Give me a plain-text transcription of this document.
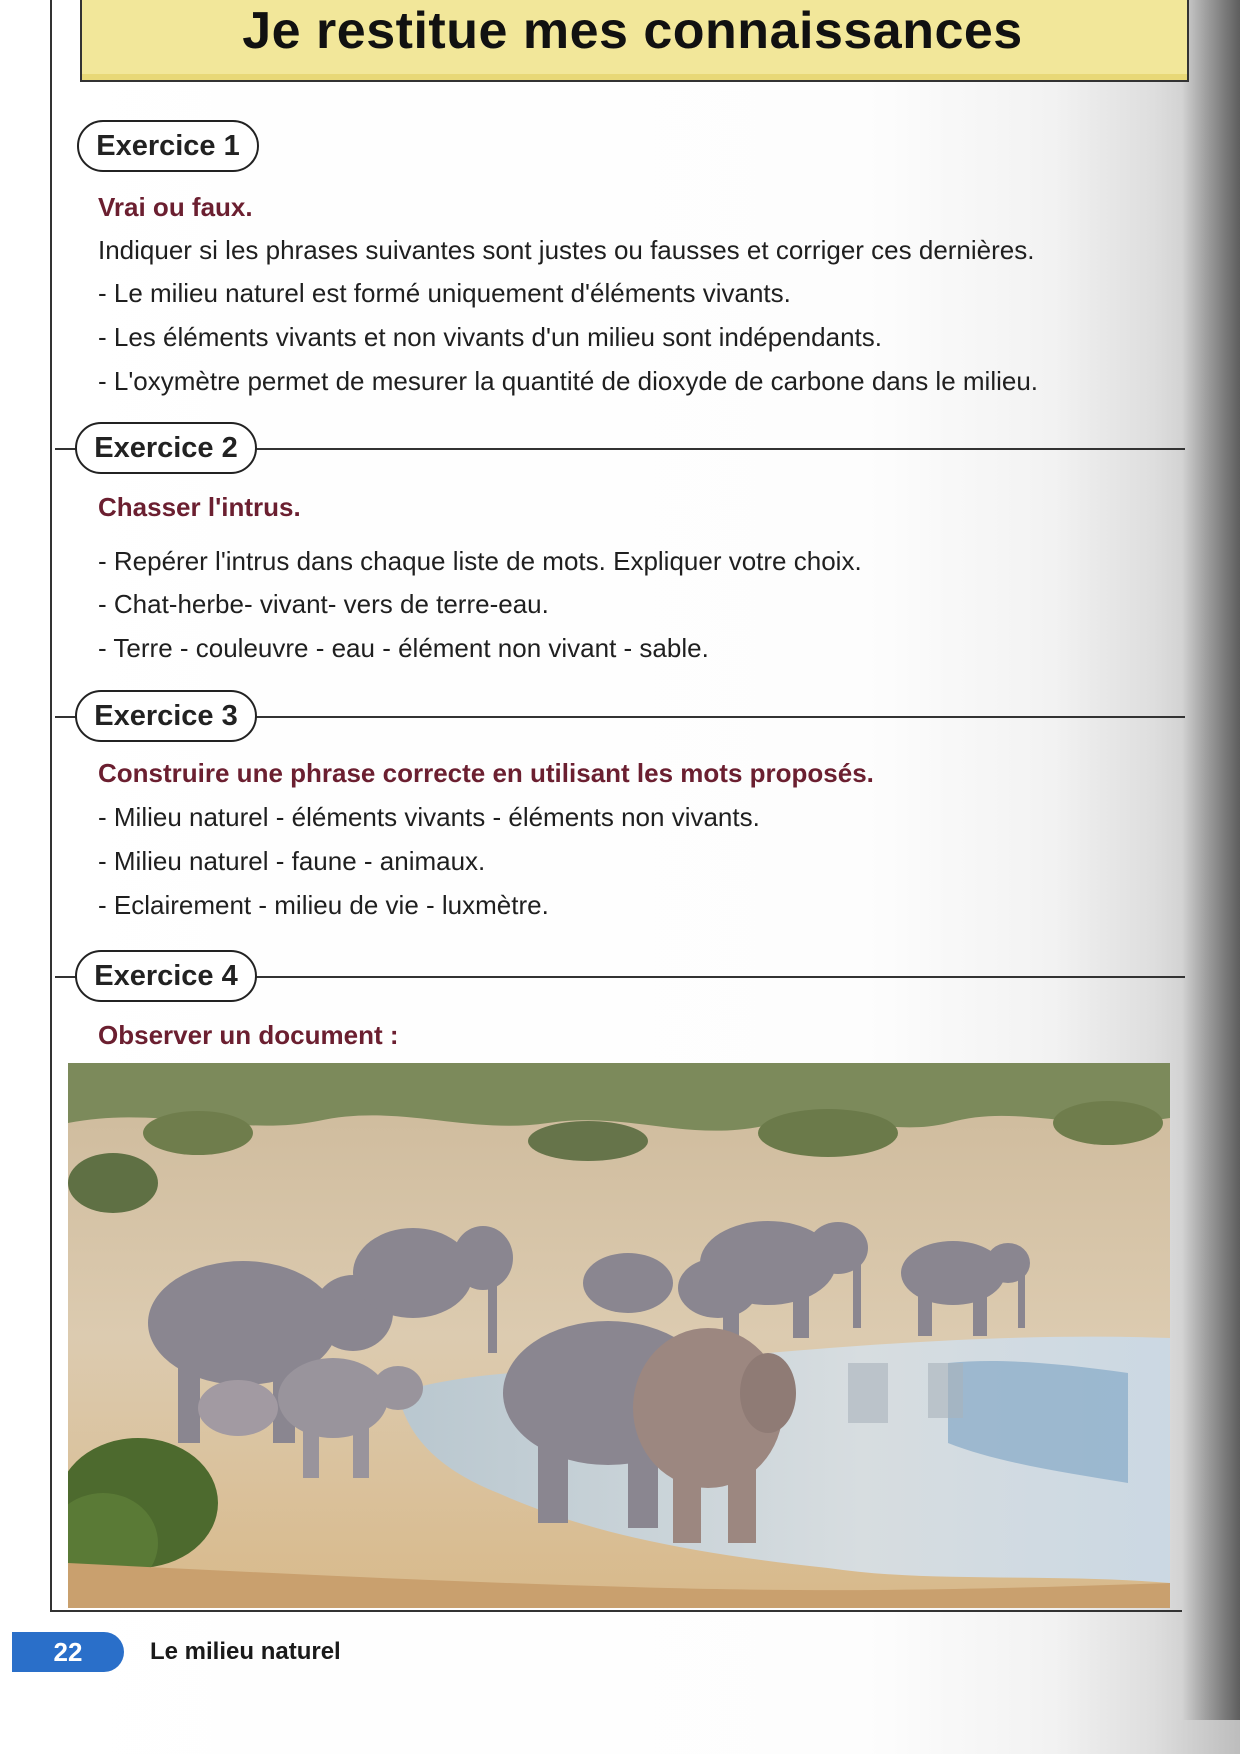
Je restitue mes connaissances
Exercice 1
Vrai ou faux.
Indiquer si les phrases suivantes sont justes ou fausses et corriger ces dernières.
- Le milieu naturel est formé uniquement d'éléments vivants.
- Les éléments vivants et non vivants d'un milieu sont indépendants.
- L'oxymètre permet de mesurer la quantité de dioxyde de carbone dans le milieu.
Exercice 2
Chasser l'intrus.
- Repérer l'intrus dans chaque liste de mots. Expliquer votre choix.
- Chat-herbe- vivant- vers de terre-eau.
- Terre - couleuvre - eau - élément non vivant - sable.
Exercice 3
Construire une phrase correcte en utilisant les mots proposés.
- Milieu naturel - éléments vivants - éléments non vivants.
- Milieu naturel - faune - animaux.
- Eclairement - milieu de vie - luxmètre.
Exercice 4
Observer un document :
22	Le milieu naturel
